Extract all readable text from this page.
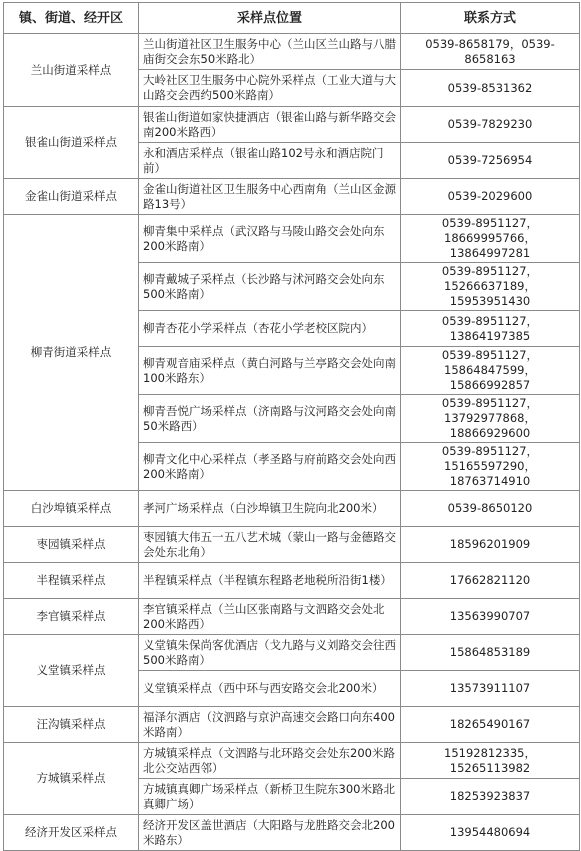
镇、街道、经开区	采样点位置	联系方式
兰山街道采样点	兰山街道社区卫生服务中心（兰山区兰山路与八腊庙街交会东50米路北）	0539-8658179，0539-8658163
	大岭社区卫生服务中心院外采样点（工业大道与大山路交会西约500米路南）	0539-8531362
银雀山街道采样点	银雀山街道如家快捷酒店（银雀山路与新华路交会南200米路西）	0539-7829230
	永和酒店采样点（银雀山路102号永和酒店院门前）	0539-7256954
金雀山街道采样点	金雀山街道社区卫生服务中心西南角（兰山区金源路13号）	0539-2029600
柳青街道采样点	柳青集中采样点（武汉路与马陵山路交会处向东200米路南）	0539-8951127，18669995766，13864997281
	柳青戴城子采样点（长沙路与沭河路交会处向东500米路南）	0539-8951127，15266637189，15953951430
	柳青杏花小学采样点（杏花小学老校区院内）	0539-8951127，13864197385
	柳青观音庙采样点（黄白河路与兰亭路交会处向南100米路东）	0539-8951127，15864847599，15866992857
	柳青吾悦广场采样点（济南路与汶河路交会处向南50米路西）	0539-8951127，13792977868，18866929600
	柳青文化中心采样点（孝圣路与府前路交会处向西200米路南）	0539-8951127，15165597290，18763714910
白沙埠镇采样点	孝河广场采样点（白沙埠镇卫生院向北200米）	0539-8650120
枣园镇采样点	枣园镇大伟五一五八艺术城（蒙山一路与金德路交会处东北角）	18596201909
半程镇采样点	半程镇采样点（半程镇东程路老地税所沿街1楼）	17662821120
李官镇采样点	李官镇采样点（兰山区张南路与文泗路交会处北200米路西）	13563990707
义堂镇采样点	义堂镇朱保尚客优酒店（戈九路与义刘路交会往西500米路南）	15864853189
	义堂镇采样点（西中环与西安路交会北200米）	13573911107
汪沟镇采样点	福泽尔酒店（汶泗路与京沪高速交会路口向东400米路南）	18265490167
方城镇采样点	方城镇采样点（文泗路与北环路交会处东200米路北公交站西邻）	15192812335，15265113982
	方城镇真卿广场采样点（新桥卫生院东300米路北真卿广场）	18253923837
经济开发区采样点	经济开发区盖世酒店（大阳路与龙胜路交会北200米路东）	13954480694
